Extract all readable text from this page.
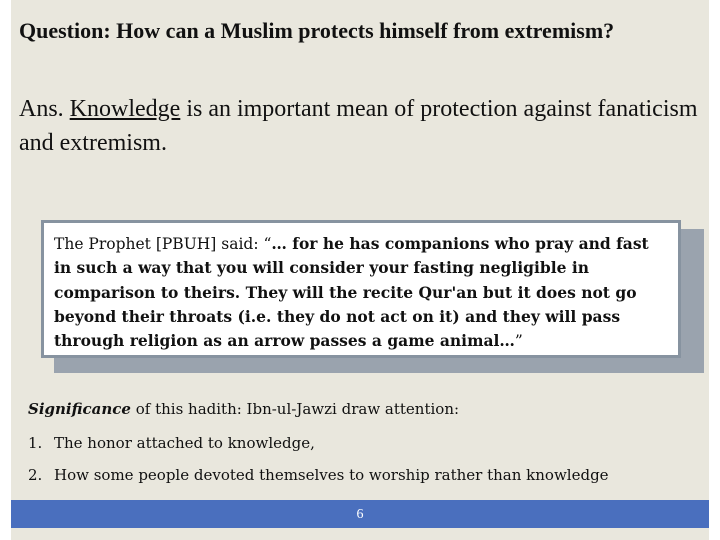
Question: How can a Muslim protects himself from extremism?

Ans. Knowledge is an important mean of protection against fanaticism and extremism.

The Prophet [PBUH] said: “… for he has companions who pray and fast in such a way that you will consider your fasting negligible in comparison to theirs. They will the recite Qur'an but it does not go beyond their throats (i.e. they do not act on it) and they will pass through religion as an arrow passes a game animal…”

Significance of this hadith: Ibn-ul-Jawzi draw attention:

1. The honor attached to knowledge,
2. How some people devoted themselves to worship rather than knowledge
6
